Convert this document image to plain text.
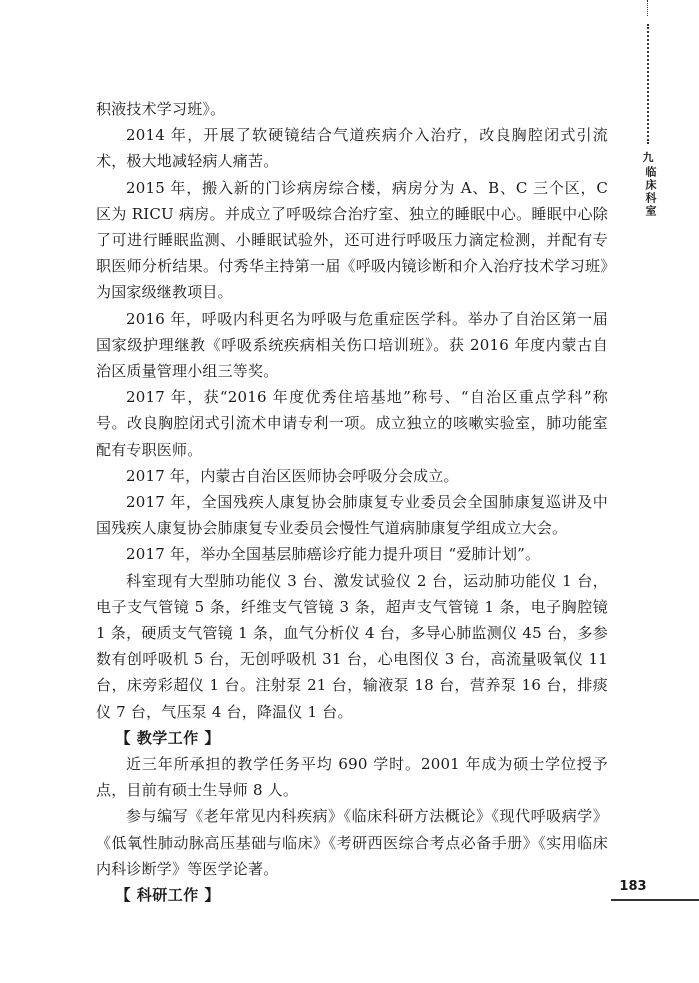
九
临床科室

积液技术学习班》。

2014 年，开展了软硬镜结合气道疾病介入治疗，改良胸腔闭式引流术，极大地减轻病人痛苦。

2015 年，搬入新的门诊病房综合楼，病房分为 A、B、C 三个区，C 区为 RICU 病房。并成立了呼吸综合治疗室、独立的睡眠中心。睡眠中心除了可进行睡眠监测、小睡眠试验外，还可进行呼吸压力滴定检测，并配有专职医师分析结果。付秀华主持第一届《呼吸内镜诊断和介入治疗技术学习班》为国家级继教项目。

2016 年，呼吸内科更名为呼吸与危重症医学科。举办了自治区第一届国家级护理继教《呼吸系统疾病相关伤口培训班》。获 2016 年度内蒙古自治区质量管理小组三等奖。

2017 年，获“2016 年度优秀住培基地”称号、“自治区重点学科”称号。改良胸腔闭式引流术申请专利一项。成立独立的咳嗽实验室，肺功能室配有专职医师。

2017 年，内蒙古自治区医师协会呼吸分会成立。

2017 年，全国残疾人康复协会肺康复专业委员会全国肺康复巡讲及中国残疾人康复协会肺康复专业委员会慢性气道病肺康复学组成立大会。

2017 年，举办全国基层肺癌诊疗能力提升项目 “爱肺计划”。

科室现有大型肺功能仪 3 台、激发试验仪 2 台，运动肺功能仪 1 台，电子支气管镜 5 条，纤维支气管镜 3 条，超声支气管镜 1 条，电子胸腔镜 1 条，硬质支气管镜 1 条，血气分析仪 4 台，多导心肺监测仪 45 台，多参数有创呼吸机 5 台，无创呼吸机 31 台，心电图仪 3 台，高流量吸氧仪 11 台，床旁彩超仪 1 台。注射泵 21 台，输液泵 18 台，营养泵 16 台，排痰仪 7 台，气压泵 4 台，降温仪 1 台。

【 教学工作 】

近三年所承担的教学任务平均 690 学时。2001 年成为硕士学位授予点，目前有硕士生导师 8 人。

参与编写《老年常见内科疾病》《临床科研方法概论》《现代呼吸病学》《低氧性肺动脉高压基础与临床》《考研西医综合考点必备手册》《实用临床内科诊断学》等医学论著。

【 科研工作 】	183
